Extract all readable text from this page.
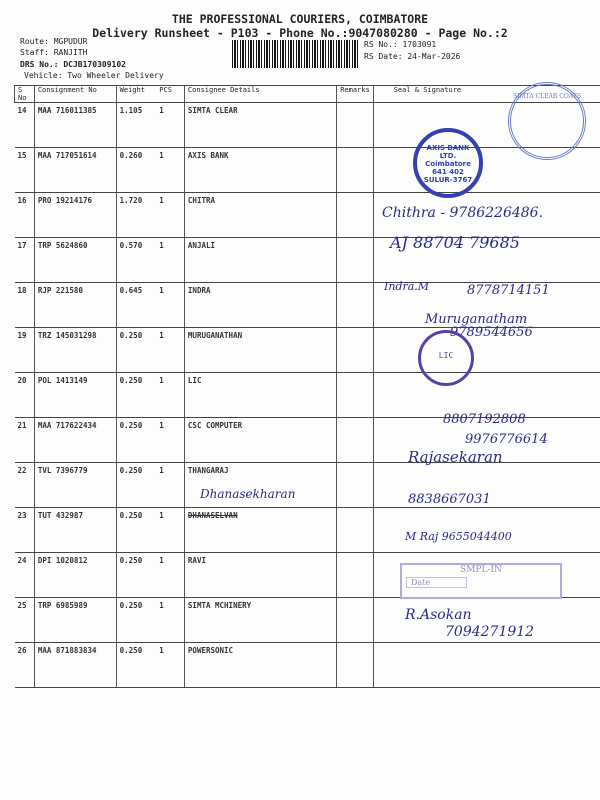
THE PROFESSIONAL COURIERS, COIMBATORE
Delivery Runsheet - P103 - Phone No.:9047080280 - Page No.:2
Route: MGPUDUR
Staff: RANJITH
DRS No.: DCJB170309102
Vehicle: Two Wheeler Delivery
RS No.: 1703091
RS Date: 24-Mar-2026
S No	Consignment No	Weight	PCS	Consignee Details	Remarks	Seal & Signature
14	MAA 716011385	1.105	1	SIMTA CLEAR		
15	MAA 717051614	0.260	1	AXIS BANK		
16	PRO 19214176	1.720	1	CHITRA		
17	TRP 5624860	0.570	1	ANJALI		
18	RJP 221580	0.645	1	INDRA		
19	TRZ 145031298	0.250	1	MURUGANATHAN		
20	POL 1413149	0.250	1	LIC		
21	MAA 717622434	0.250	1	CSC COMPUTER		
22	TVL 7396779	0.250	1	THANGARAJ		
23	TUT 432987	0.250	1	DHANASELVAN		
24	DPI 1020812	0.250	1	RAVI		
25	TRP 6985989	0.250	1	SIMTA MCHINERY		
26	MAA 871883834	0.250	1	POWERSONIC		
Dhanasekharan
Chithra - 9786226486.
AJ 88704 79685
Indra.M	8778714151
Muruganatham
9789544656
8807192808
9976776614
Rajasekaran
8838667031
M Raj 9655044400
R.Asokan
7094271912
SIMTA CLEAR COATS
AXIS BANK LTD. Coimbatore 641 402 SULUR-3767
LIC
SMPL-IN
Date
